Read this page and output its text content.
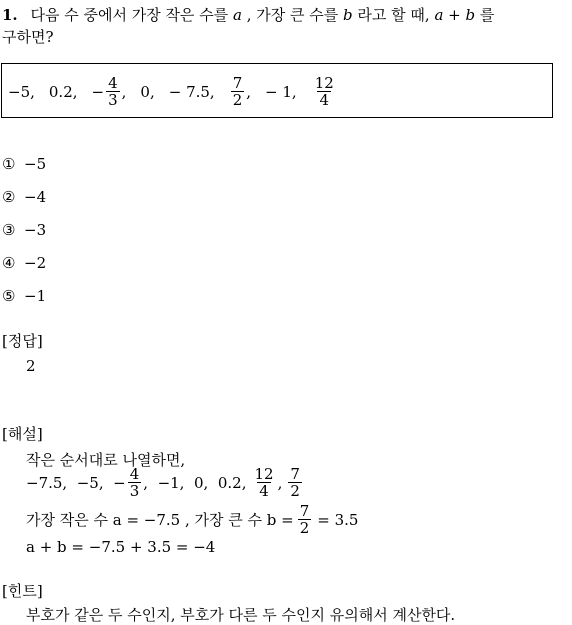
1. 다음 수 중에서 가장 작은 수를 a , 가장 큰 수를 b 라고 할 때, a + b 를
구하면?
−5, 0.2, − $\frac{4}{3}$ , 0, − 7.5, $\frac{7}{2}$ , − 1, $\frac{12}{4}$
① −5
② −4
③ −3
④ −2
⑤ −1
[정답]
2
[해설]
작은 순서대로 나열하면,
−7.5,  −5,  − $\frac{4}{3}$ ,  −1,  0,  0.2, $\frac{12}{4}$ , $\frac{7}{2}$
가장 작은 수 a = −7.5 , 가장 큰 수 $b = \frac{7}{2} = 3.5$
a + b = −7.5 + 3.5 = −4
[힌트]
부호가 같은 두 수인지, 부호가 다른 두 수인지 유의해서 계산한다.
